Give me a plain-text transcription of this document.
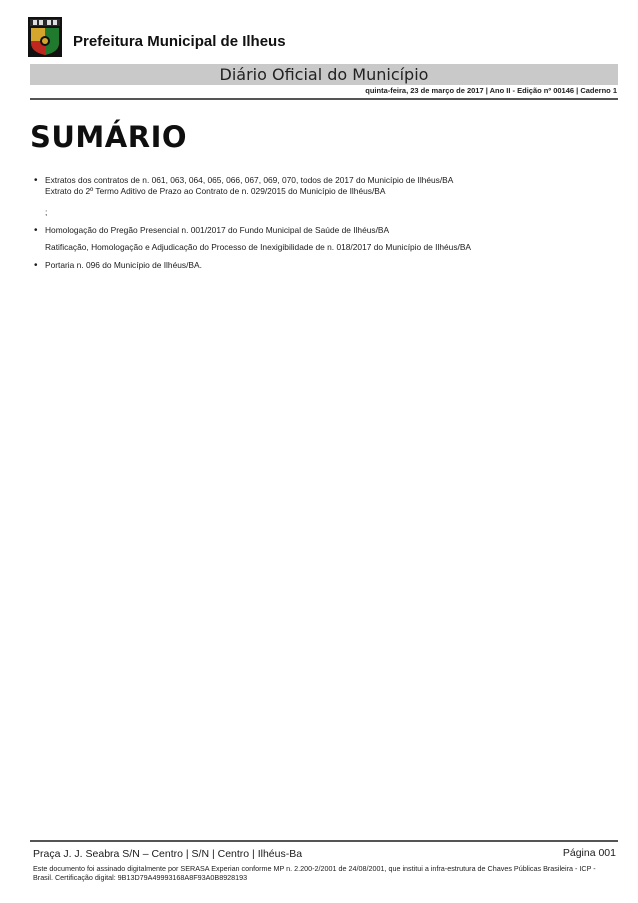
Prefeitura Municipal de Ilheus
Diário Oficial do Município
quinta-feira, 23 de março de 2017 | Ano II - Edição nº 00146 | Caderno 1
SUMÁRIO
• Extratos dos contratos de n. 061, 063, 064, 065, 066, 067, 069, 070, todos de 2017 do Município de Ilhéus/BA
Extrato do 2º Termo Aditivo de Prazo ao Contrato de n. 029/2015 do Município de Ilhéus/BA
;
• Homologação do Pregão Presencial n. 001/2017 do Fundo Municipal de Saúde de Ilhéus/BA
Ratificação, Homologação e Adjudicação do Processo de Inexigibilidade de n. 018/2017 do Município de Ilhéus/BA
• Portaria n. 096 do Município de Ilhéus/BA.
Praça J. J. Seabra S/N – Centro | S/N | Centro | Ilhéus-Ba	Página 001
Este documento foi assinado digitalmente por SERASA Experian conforme MP n. 2.200-2/2001 de 24/08/2001, que institui a infra-estrutura de Chaves Públicas Brasileira - ICP - Brasil. Certificação digital: 9B13D79A49993168A8F93A0B8928193
